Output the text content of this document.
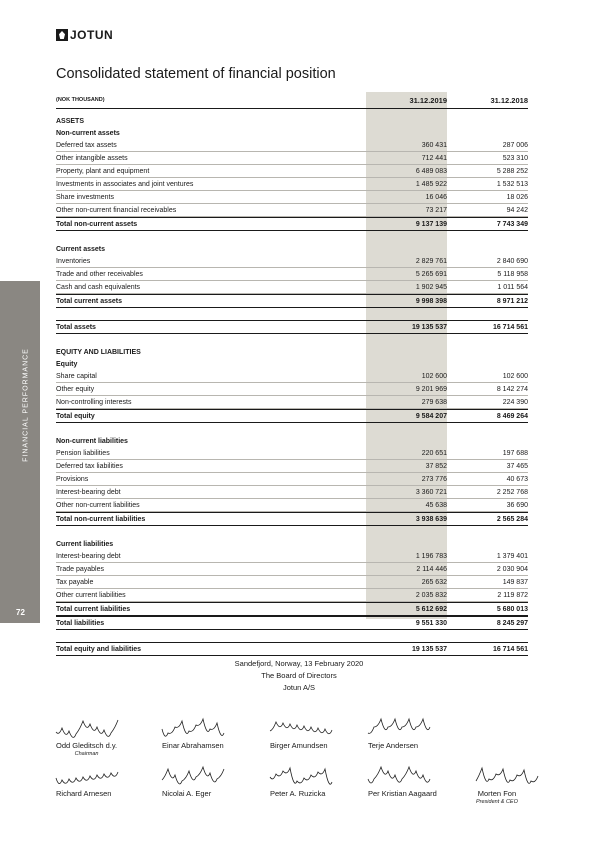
JOTUN
Consolidated statement of financial position
FINANCIAL PERFORMANCE
72
(NOK THOUSAND)	31.12.2019	31.12.2018
ASSETS
Non-current assets
Deferred tax assets	360 431	287 006
Other intangible assets	712 441	523 310
Property, plant and equipment	6 489 083	5 288 252
Investments in associates and joint ventures	1 485 922	1 532 513
Share investments	16 046	18 026
Other non-current financial receivables	73 217	94 242
Total non-current assets	9 137 139	7 743 349
Current assets
Inventories	2 829 761	2 840 690
Trade and other receivables	5 265 691	5 118 958
Cash and cash equivalents	1 902 945	1 011 564
Total current assets	9 998 398	8 971 212
Total assets	19 135 537	16 714 561
EQUITY AND LIABILITIES
Equity
Share capital	102 600	102 600
Other equity	9 201 969	8 142 274
Non-controlling interests	279 638	224 390
Total equity	9 584 207	8 469 264
Non-current liabilities
Pension liabilities	220 651	197 688
Deferred tax liabilities	37 852	37 465
Provisions	273 776	40 673
Interest-bearing debt	3 360 721	2 252 768
Other non-current liabilities	45 638	36 690
Total non-current liabilities	3 938 639	2 565 284
Current liabilities
Interest-bearing debt	1 196 783	1 379 401
Trade payables	2 114 446	2 030 904
Tax payable	265 632	149 837
Other current liabilities	2 035 832	2 119 872
Total current liabilities	5 612 692	5 680 013
Total liabilities	9 551 330	8 245 297
Total equity and liabilities	19 135 537	16 714 561
Sandefjord, Norway, 13 February 2020
The Board of Directors
Jotun A/S
Odd Gleditsch d.y.
Chairman
Einar Abrahamsen	Birger Amundsen	Terje Andersen
Richard Arnesen	Nicolai A. Eger	Peter A. Ruzicka	Per Kristian Aagaard	Morten Fon
President & CEO
